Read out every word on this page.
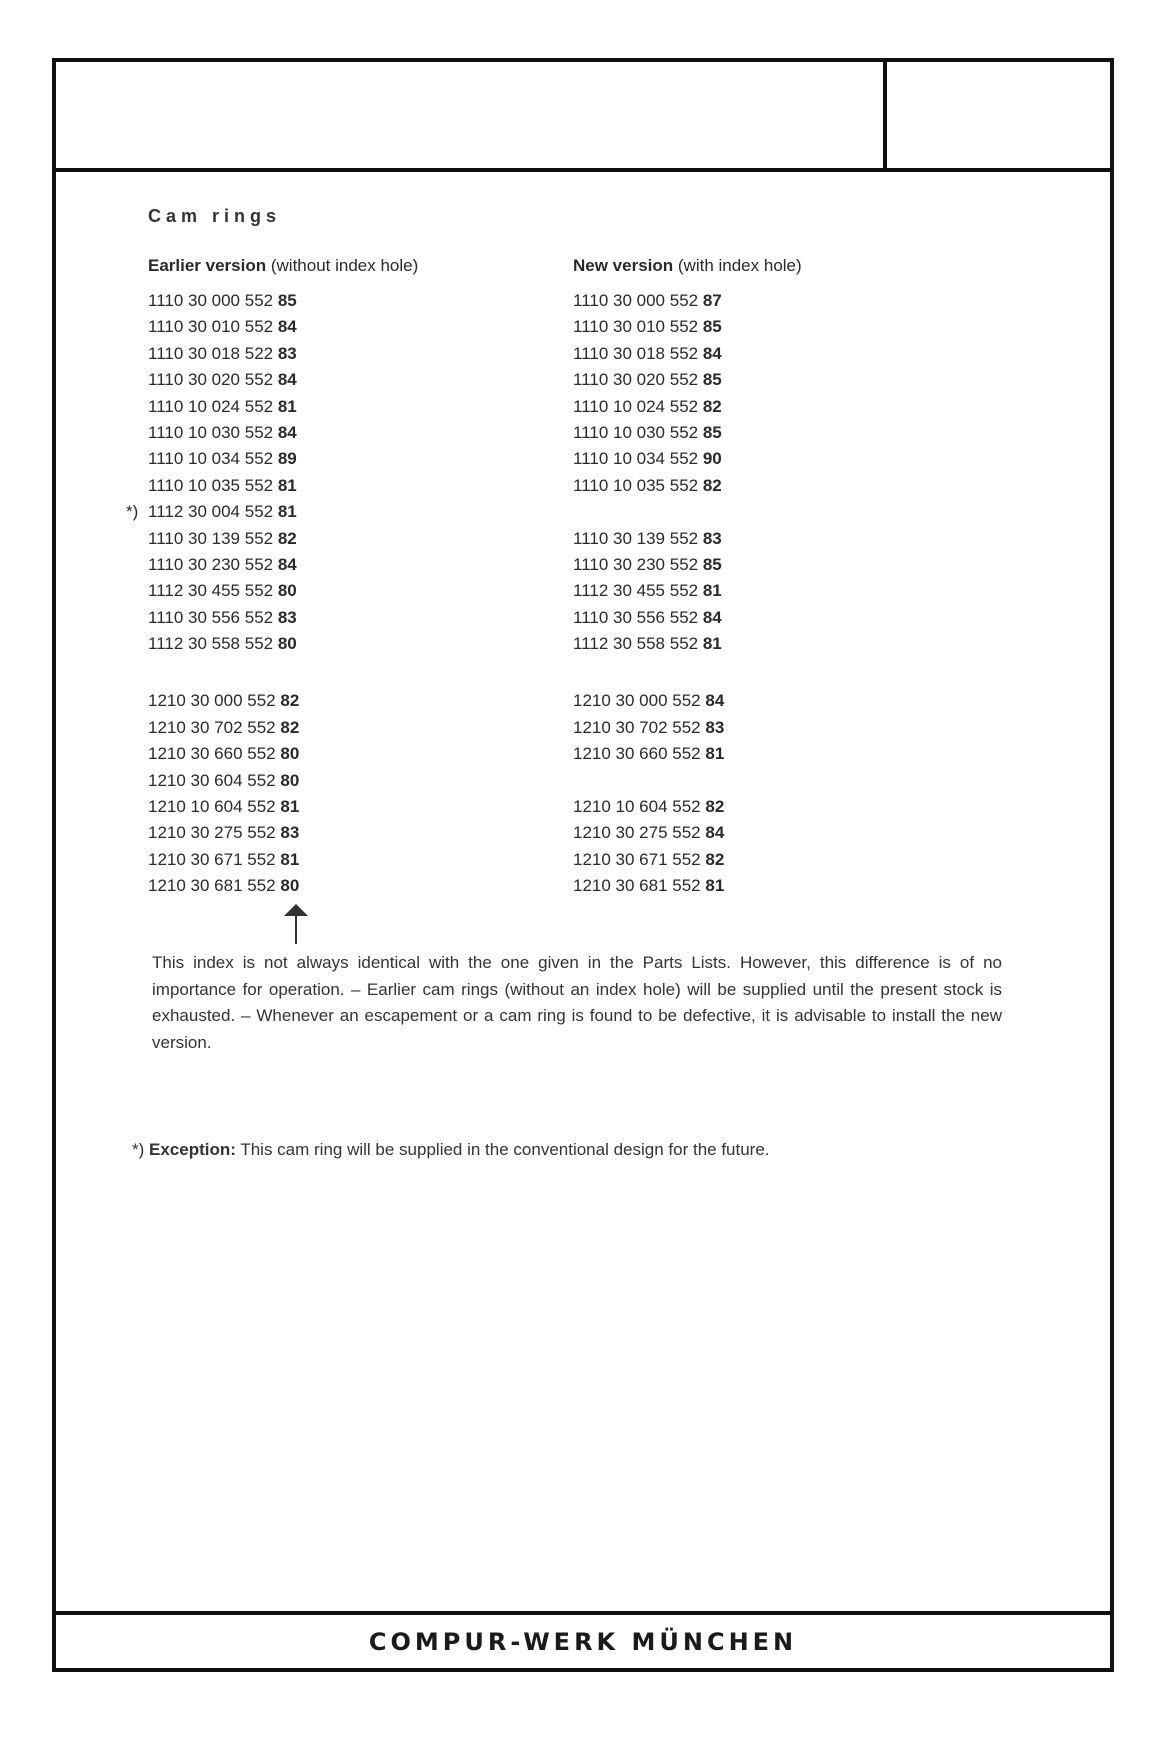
COMPUR-WERK MÜNCHEN
Cam rings
Earlier version (without index hole)
1110 30 000 552 85
1110 30 010 552 84
1110 30 018 522 83
1110 30 020 552 84
1110 10 024 552 81
1110 10 030 552 84
1110 10 034 552 89
1110 10 035 552 81
*) 1112 30 004 552 81
1110 30 139 552 82
1110 30 230 552 84
1112 30 455 552 80
1110 30 556 552 83
1112 30 558 552 80
1210 30 000 552 82
1210 30 702 552 82
1210 30 660 552 80
1210 30 604 552 80
1210 10 604 552 81
1210 30 275 552 83
1210 30 671 552 81
1210 30 681 552 80
New version (with index hole)
1110 30 000 552 87
1110 30 010 552 85
1110 30 018 552 84
1110 30 020 552 85
1110 10 024 552 82
1110 10 030 552 85
1110 10 034 552 90
1110 10 035 552 82
1110 30 139 552 83
1110 30 230 552 85
1112 30 455 552 81
1110 30 556 552 84
1112 30 558 552 81
1210 30 000 552 84
1210 30 702 552 83
1210 30 660 552 81
1210 10 604 552 82
1210 30 275 552 84
1210 30 671 552 82
1210 30 681 552 81
This index is not always identical with the one given in the Parts Lists. However, this difference is of no importance for operation. – Earlier cam rings (without an index hole) will be supplied until the present stock is exhausted. – Whenever an escapement or a cam ring is found to be defective, it is advisable to install the new version.
*) Exception: This cam ring will be supplied in the conventional design for the future.
